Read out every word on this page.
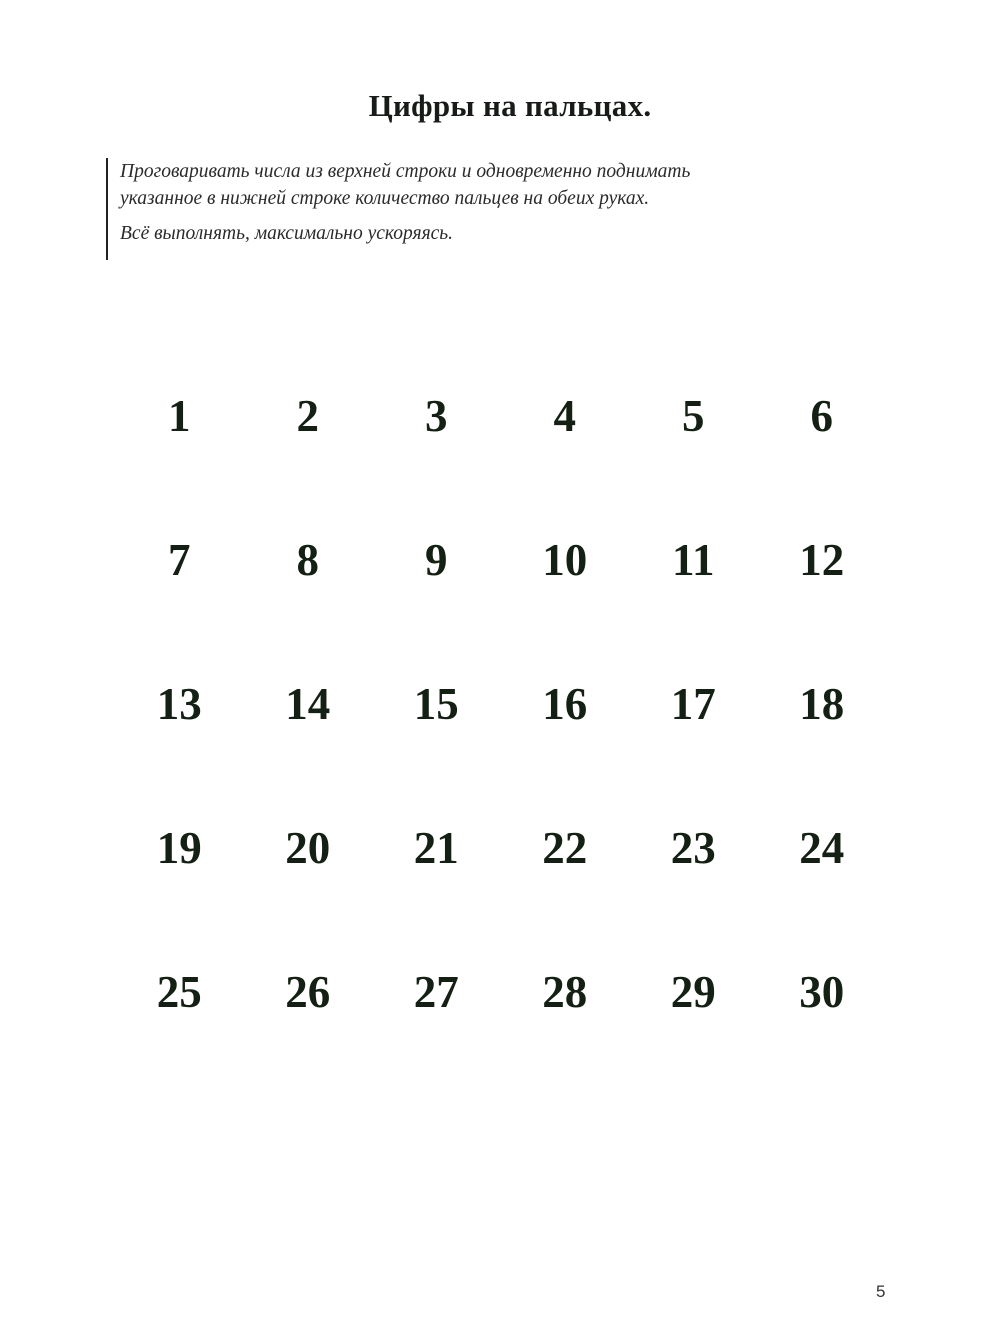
Цифры на пальцах.

Проговаривать числа из верхней строки и одновременно поднимать

указанное в нижней строке количество пальцев на обеих руках.

Всё выполнять, максимально ускоряясь.

1	2	3	4	5	6
7	8	9	10	11	12
13	14	15	16	17	18
19	20	21	22	23	24
25	26	27	28	29	30
5
